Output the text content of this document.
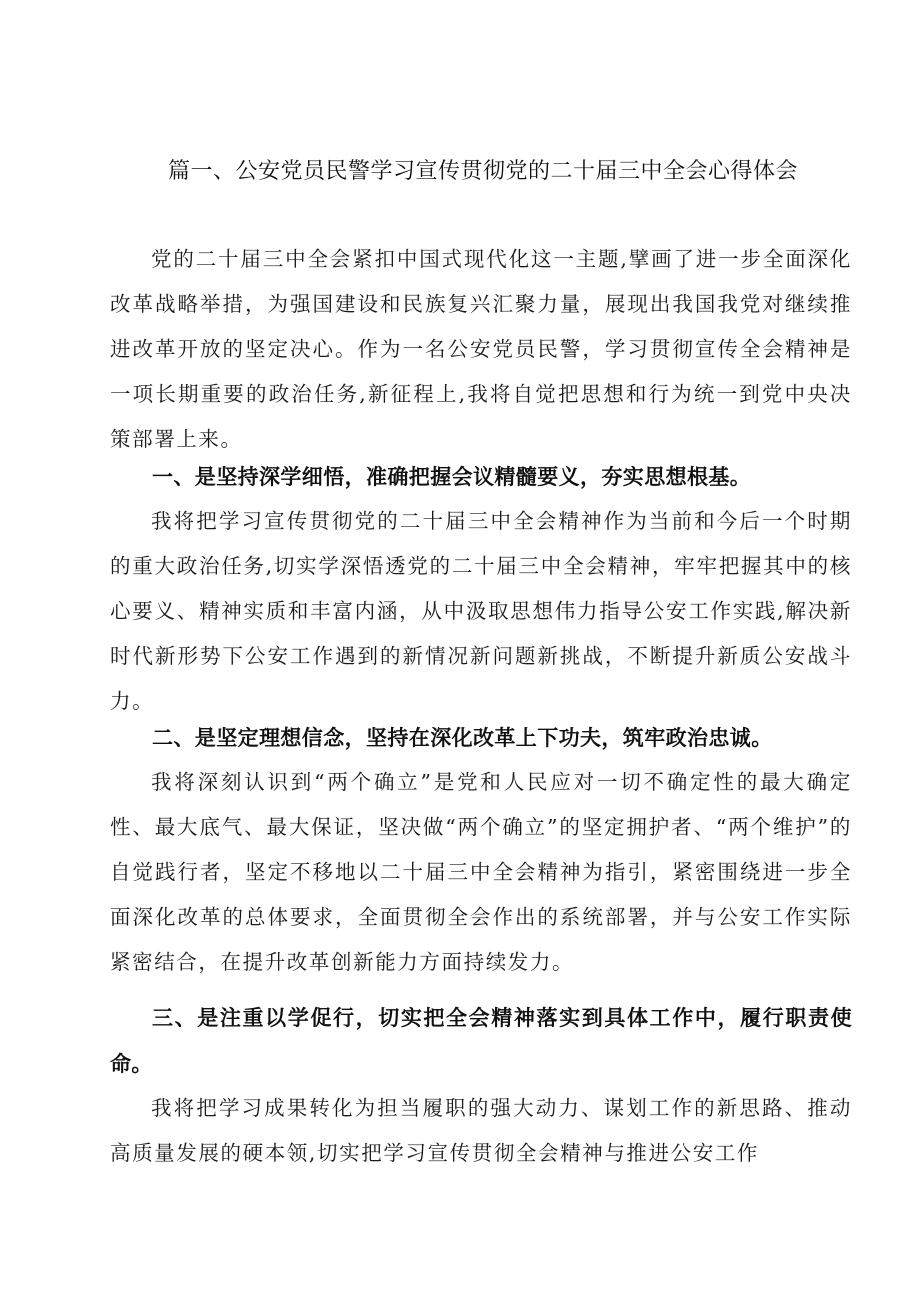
篇一、公安党员民警学习宣传贯彻党的二十届三中全会心得体会

党的二十届三中全会紧扣中国式现代化这一主题,擘画了进一步全面深化改革战略举措，为强国建设和民族复兴汇聚力量，展现出我国我党对继续推进改革开放的坚定决心。作为一名公安党员民警，学习贯彻宣传全会精神是一项长期重要的政治任务,新征程上,我将自觉把思想和行为统一到党中央决策部署上来。

一、是坚持深学细悟，准确把握会议精髓要义，夯实思想根基。

我将把学习宣传贯彻党的二十届三中全会精神作为当前和今后一个时期的重大政治任务,切实学深悟透党的二十届三中全会精神，牢牢把握其中的核心要义、精神实质和丰富内涵，从中汲取思想伟力指导公安工作实践,解决新时代新形势下公安工作遇到的新情况新问题新挑战，不断提升新质公安战斗力。

二、是坚定理想信念，坚持在深化改革上下功夫，筑牢政治忠诚。

我将深刻认识到“两个确立”是党和人民应对一切不确定性的最大确定性、最大底气、最大保证，坚决做“两个确立”的坚定拥护者、“两个维护”的自觉践行者，坚定不移地以二十届三中全会精神为指引，紧密围绕进一步全面深化改革的总体要求，全面贯彻全会作出的系统部署，并与公安工作实际紧密结合，在提升改革创新能力方面持续发力。

三、是注重以学促行，切实把全会精神落实到具体工作中，履行职责使命。

我将把学习成果转化为担当履职的强大动力、谋划工作的新思路、推动高质量发展的硬本领,切实把学习宣传贯彻全会精神与推进公安工作
